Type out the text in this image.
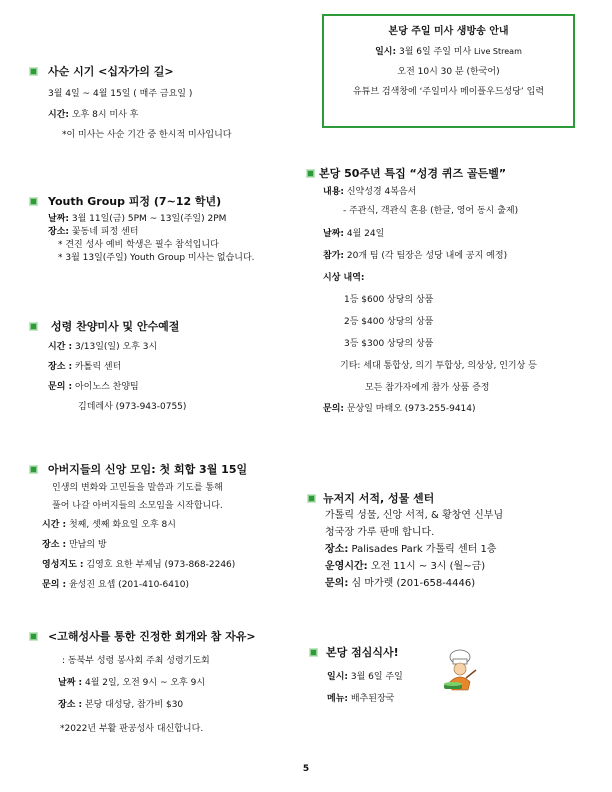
본당 주일 미사 생방송 안내
일시: 3월 6일 주일 미사 Live Stream
오전 10시 30 분 (한국어)
유튜브 검색창에 ‘주일미사 메이플우드성당’ 입력
사순 시기 <십자가의 길>
3월 4일 ~ 4월 15일 ( 매주 금요일 )
시간: 오후 8시 미사 후
*이 미사는 사순 기간 중 한시적 미사입니다
Youth Group 피정 (7~12 학년)
날짜: 3월 11일(금) 5PM ~ 13일(주일) 2PM
장소: 꽃동네 피정 센터
* 견진 성사 예비 학생은 필수 참석입니다
* 3월 13일(주일) Youth Group 미사는 없습니다.
성령 찬양미사 및 안수예절
시간 : 3/13일(일) 오후 3시
장소 : 카톨릭 센터
문의 : 아이노스 찬양팀
김데레사 (973-943-0755)
아버지들의 신앙 모임: 첫 회합 3월 15일
인생의 변화와 고민들을 말씀과 기도를 통해
풀어 나갈 아버지들의 소모임을 시작합니다.
시간 : 첫째, 셋째 화요일 오후 8시
장소 : 만남의 방
영성지도 : 김영호 요한 부제님 (973-868-2246)
문의 : 윤성진 요셉 (201-410-6410)
<고해성사를 통한 진정한 회개와 참 자유>
: 동북부 성령 봉사회 주최 성령기도회
날짜 : 4월 2일, 오전 9시 ~ 오후 9시
장소 : 본당 대성당, 참가비 $30
*2022년 부활 판공성사 대신합니다.
본당 50주년 특집 “성경 퀴즈 골든벨”
내용: 신약성경 4복음서
- 주관식, 객관식 혼용 (한글, 영어 동시 출제)
날짜: 4월 24일
참가: 20개 팀 (각 팀장은 성당 내에 공지 예정)
시상 내역:
1등 $600 상당의 상품
2등 $400 상당의 상품
3등 $300 상당의 상품
기타: 세대 통합상, 의기 투합상, 의상상, 인기상 등
모든 참가자에게 참가 상품 증정
문의: 문상일 마태오 (973-255-9414)
뉴저지 서적, 성물 센터
가톨릭 성물, 신앙 서적, & 황창연 신부님
청국장 가루 판매 합니다.
장소: Palisades Park 가톨릭 센터 1층
운영시간: 오전 11시 ~ 3시 (월~금)
문의: 심 마가렛 (201-658-4446)
본당 점심식사!
일시: 3월 6일 주일
메뉴: 배추된장국
5
